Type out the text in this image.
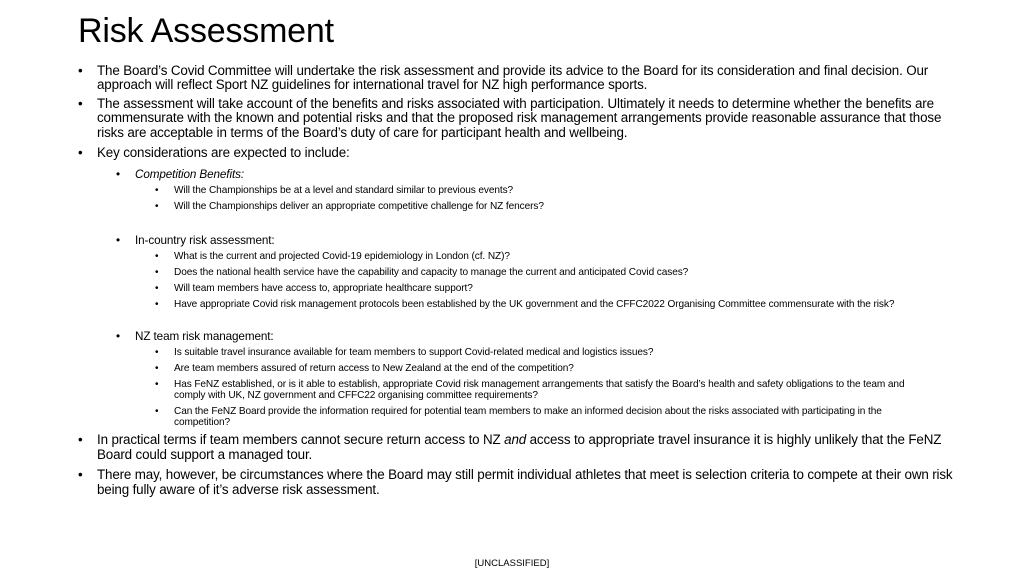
Risk Assessment
• The Board’s Covid Committee will undertake the risk assessment and provide its advice to the Board for its consideration and final decision. Our approach will reflect Sport NZ guidelines for international travel for NZ high performance sports.
• The assessment will take account of the benefits and risks associated with participation. Ultimately it needs to determine whether the benefits are commensurate with the known and potential risks and that the proposed risk management arrangements provide reasonable assurance that those risks are acceptable in terms of the Board’s duty of care for participant health and wellbeing.
• Key considerations are expected to include:
• Competition Benefits:
• Will the Championships be at a level and standard similar to previous events?
• Will the Championships deliver an appropriate competitive challenge for NZ fencers?
• In-country risk assessment:
• What is the current and projected Covid-19 epidemiology in London (cf. NZ)?
• Does the national health service have the capability and capacity to manage the current and anticipated Covid cases?
• Will team members have access to, appropriate healthcare support?
• Have appropriate Covid risk management protocols been established by the UK government and the CFFC2022 Organising Committee commensurate with the risk?
• NZ team risk management:
• Is suitable travel insurance available for team members to support Covid-related medical and logistics issues?
• Are team members assured of return access to New Zealand at the end of the competition?
• Has FeNZ established, or is it able to establish, appropriate Covid risk management arrangements that satisfy the Board’s health and safety obligations to the team and comply with UK, NZ government and CFFC22 organising committee requirements?
• Can the FeNZ Board provide the information required for potential team members to make an informed decision about the risks associated with participating in the competition?
• In practical terms if team members cannot secure return access to NZ and access to appropriate travel insurance it is highly unlikely that the FeNZ Board could support a managed tour.
• There may, however, be circumstances where the Board may still permit individual athletes that meet is selection criteria to compete at their own risk being fully aware of it’s adverse risk assessment.
[UNCLASSIFIED]
